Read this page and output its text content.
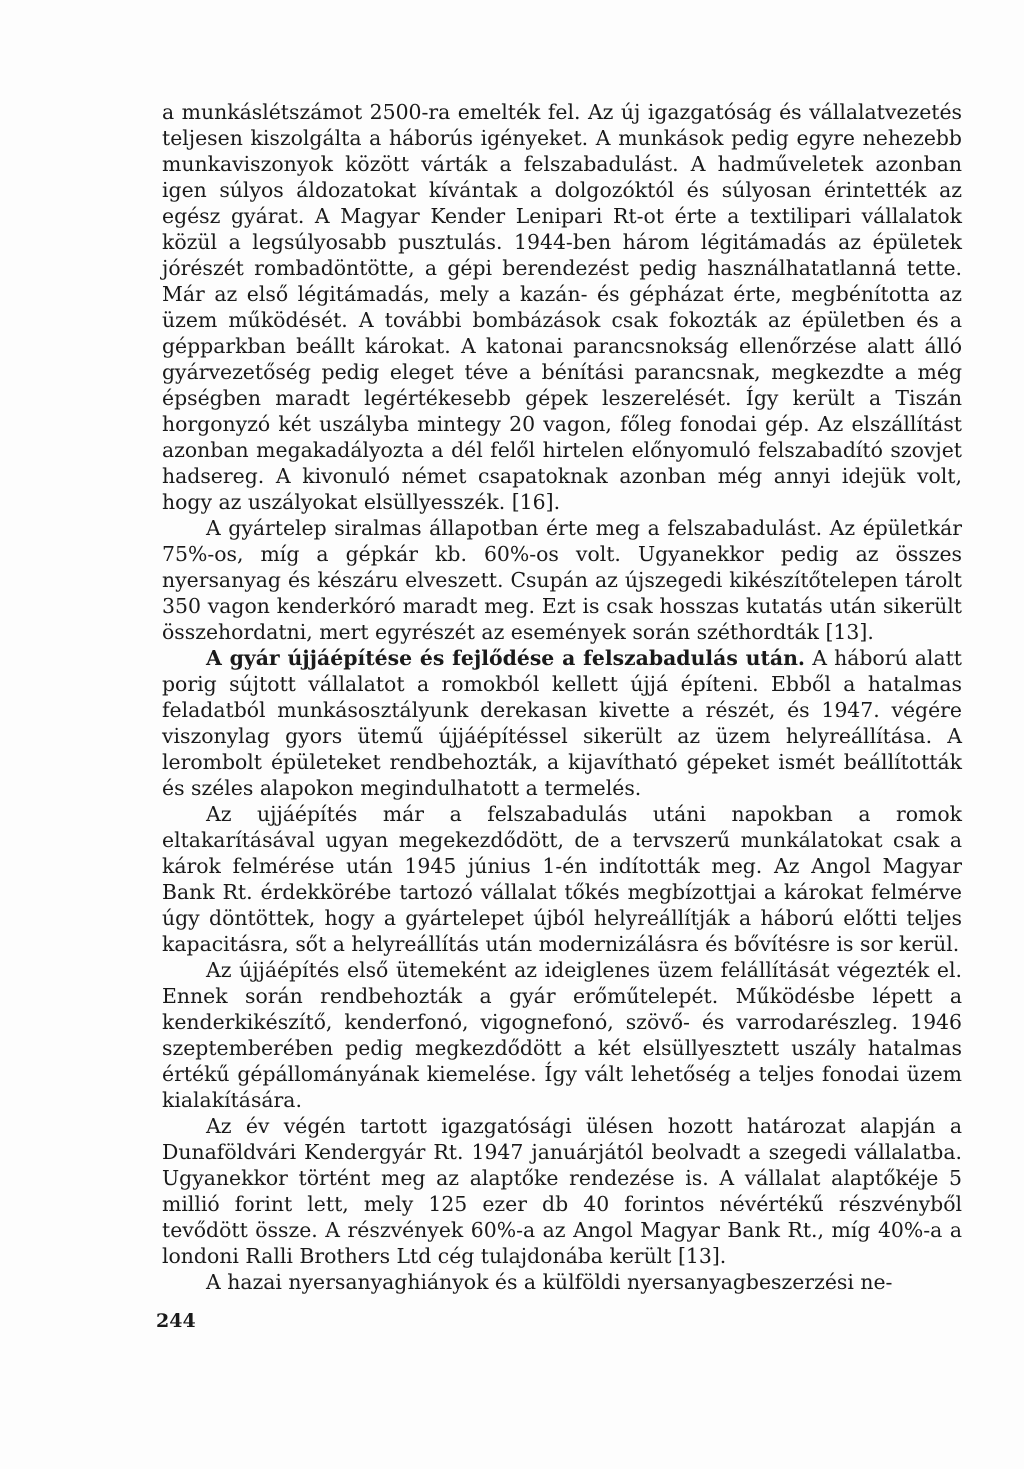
a munkáslétszámot 2500-ra emelték fel. Az új igazgatóság és vállalatvezetés teljesen kiszolgálta a háborús igényeket. A munkások pedig egyre nehezebb munkaviszonyok között várták a felszabadulást. A hadműveletek azonban igen súlyos áldozatokat kívántak a dolgozóktól és súlyosan érintették az egész gyárat. A Magyar Kender Lenipari Rt-ot érte a textilipari vállalatok közül a legsúlyosabb pusztulás. 1944-ben három légitámadás az épületek jórészét rombadöntötte, a gépi berendezést pedig használhatatlanná tette. Már az első légitámadás, mely a kazán- és gépházat érte, megbénította az üzem működését. A további bombázások csak fokozták az épületben és a gépparkban beállt károkat. A katonai parancsnokság ellenőrzése alatt álló gyárvezetőség pedig eleget téve a bénítási parancsnak, megkezdte a még épségben maradt legértékesebb gépek leszerelését. Így került a Tiszán horgonyzó két uszályba mintegy 20 vagon, főleg fonodai gép. Az elszállítást azonban megakadályozta a dél felől hirtelen előnyomuló felszabadító szovjet hadsereg. A kivonuló német csapatoknak azonban még annyi idejük volt, hogy az uszályokat elsüllyesszék. [16].

A gyártelep siralmas állapotban érte meg a felszabadulást. Az épületkár 75%-os, míg a gépkár kb. 60%-os volt. Ugyanekkor pedig az összes nyersanyag és készáru elveszett. Csupán az újszegedi kikészítőtelepen tárolt 350 vagon kenderkóró maradt meg. Ezt is csak hosszas kutatás után sikerült összehordatni, mert egyrészét az események során széthordták [13].

A gyár újjáépítése és fejlődése a felszabadulás után. A háború alatt porig sújtott vállalatot a romokból kellett újjá építeni. Ebből a hatalmas feladatból munkásosztályunk derekasan kivette a részét, és 1947. végére viszonylag gyors ütemű újjáépítéssel sikerült az üzem helyreállítása. A lerombolt épületeket rendbehozták, a kijavítható gépeket ismét beállították és széles alapokon megindulhatott a termelés.

Az ujjáépítés már a felszabadulás utáni napokban a romok eltakarításával ugyan megekezdődött, de a tervszerű munkálatokat csak a károk felmérése után 1945 június 1-én indították meg. Az Angol Magyar Bank Rt. érdekkörébe tartozó vállalat tőkés megbízottjai a károkat felmérve úgy döntöttek, hogy a gyártelepet újból helyreállítják a háború előtti teljes kapacitásra, sőt a helyreállítás után modernizálásra és bővítésre is sor kerül.

Az újjáépítés első ütemeként az ideiglenes üzem felállítását végezték el. Ennek során rendbehozták a gyár erőműtelepét. Működésbe lépett a kenderkikészítő, kenderfonó, vigognefonó, szövő- és varrodarészleg. 1946 szeptemberében pedig megkezdődött a két elsüllyesztett uszály hatalmas értékű gépállományának kiemelése. Így vált lehetőség a teljes fonodai üzem kialakítására.

Az év végén tartott igazgatósági ülésen hozott határozat alapján a Dunaföldvári Kendergyár Rt. 1947 januárjától beolvadt a szegedi vállalatba. Ugyanekkor történt meg az alaptőke rendezése is. A vállalat alaptőkéje 5 millió forint lett, mely 125 ezer db 40 forintos névértékű részvényből tevődött össze. A részvények 60%-a az Angol Magyar Bank Rt., míg 40%-a a londoni Ralli Brothers Ltd cég tulajdonába került [13].

A hazai nyersanyaghiányok és a külföldi nyersanyagbeszerzési ne-

244
